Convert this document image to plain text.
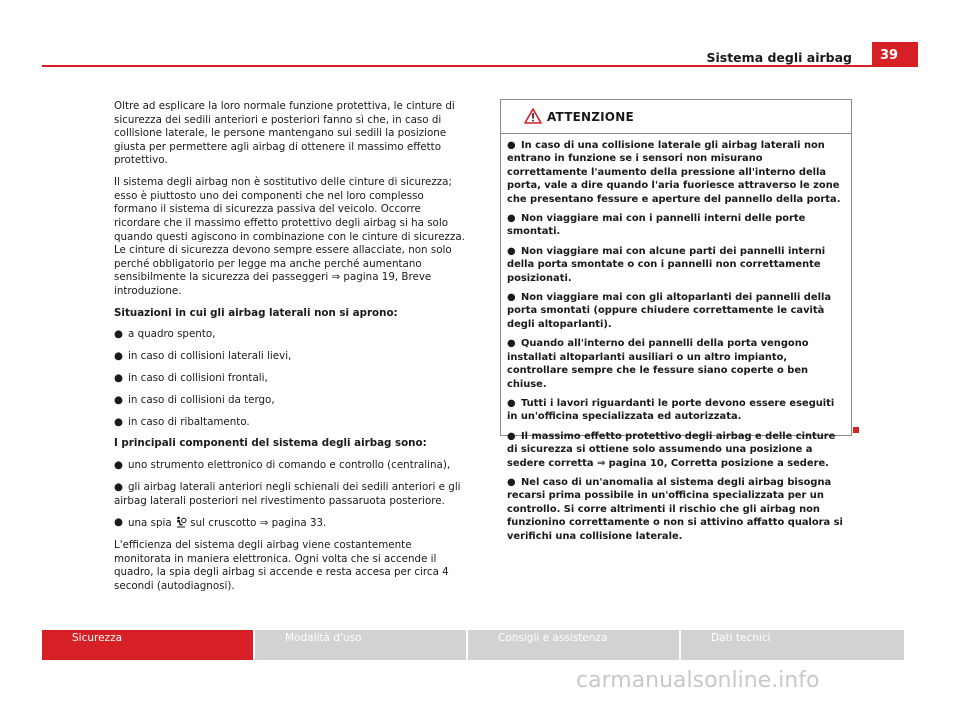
Sistema degli airbag	39

Oltre ad esplicare la loro normale funzione protettiva, le cinture di sicurezza dei sedili anteriori e posteriori fanno sì che, in caso di collisione laterale, le persone mantengano sui sedili la posizione giusta per permettere agli airbag di ottenere il massimo effetto protettivo.

Il sistema degli airbag non è sostitutivo delle cinture di sicurezza; esso è piuttosto uno dei componenti che nel loro complesso formano il sistema di sicurezza passiva del veicolo. Occorre ricordare che il massimo effetto protettivo degli airbag si ha solo quando questi agiscono in combinazione con le cinture di sicurezza. Le cinture di sicurezza devono sempre essere allacciate, non solo perché obbligatorio per legge ma anche perché aumentano sensibilmente la sicurezza dei passeggeri ⇒ pagina 19, Breve introduzione.

Situazioni in cui gli airbag laterali non si aprono:

● a quadro spento,
● in caso di collisioni laterali lievi,
● in caso di collisioni frontali,
● in caso di collisioni da tergo,
● in caso di ribaltamento.

I principali componenti del sistema degli airbag sono:

● uno strumento elettronico di comando e controllo (centralina),
● gli airbag laterali anteriori negli schienali dei sedili anteriori e gli airbag laterali posteriori nel rivestimento passaruota posteriore.
● una spia sul cruscotto ⇒ pagina 33.

L'efficienza del sistema degli airbag viene costantemente monitorata in maniera elettronica. Ogni volta che si accende il quadro, la spia degli airbag si accende e resta accesa per circa 4 secondi (autodiagnosi).

ATTENZIONE
● In caso di una collisione laterale gli airbag laterali non entrano in funzione se i sensori non misurano correttamente l'aumento della pressione all'interno della porta, vale a dire quando l'aria fuoriesce attraverso le zone che presentano fessure e aperture del pannello della porta.
● Non viaggiare mai con i pannelli interni delle porte smontati.
● Non viaggiare mai con alcune parti dei pannelli interni della porta smontate o con i pannelli non correttamente posizionati.
● Non viaggiare mai con gli altoparlanti dei pannelli della porta smontati (oppure chiudere correttamente le cavità degli altoparlanti).
● Quando all'interno dei pannelli della porta vengono installati altoparlanti ausiliari o un altro impianto, controllare sempre che le fessure siano coperte o ben chiuse.
● Tutti i lavori riguardanti le porte devono essere eseguiti in un'officina specializzata ed autorizzata.
● Il massimo effetto protettivo degli airbag e delle cinture di sicurezza si ottiene solo assumendo una posizione a sedere corretta ⇒ pagina 10, Corretta posizione a sedere.
● Nel caso di un'anomalia al sistema degli airbag bisogna recarsi prima possibile in un'officina specializzata per un controllo. Si corre altrimenti il rischio che gli airbag non funzionino correttamente o non si attivino affatto qualora si verifichi una collisione laterale.
Sicurezza	Modalità d'uso	Consigli e assistenza	Dati tecnici
carmanualsonline.info
